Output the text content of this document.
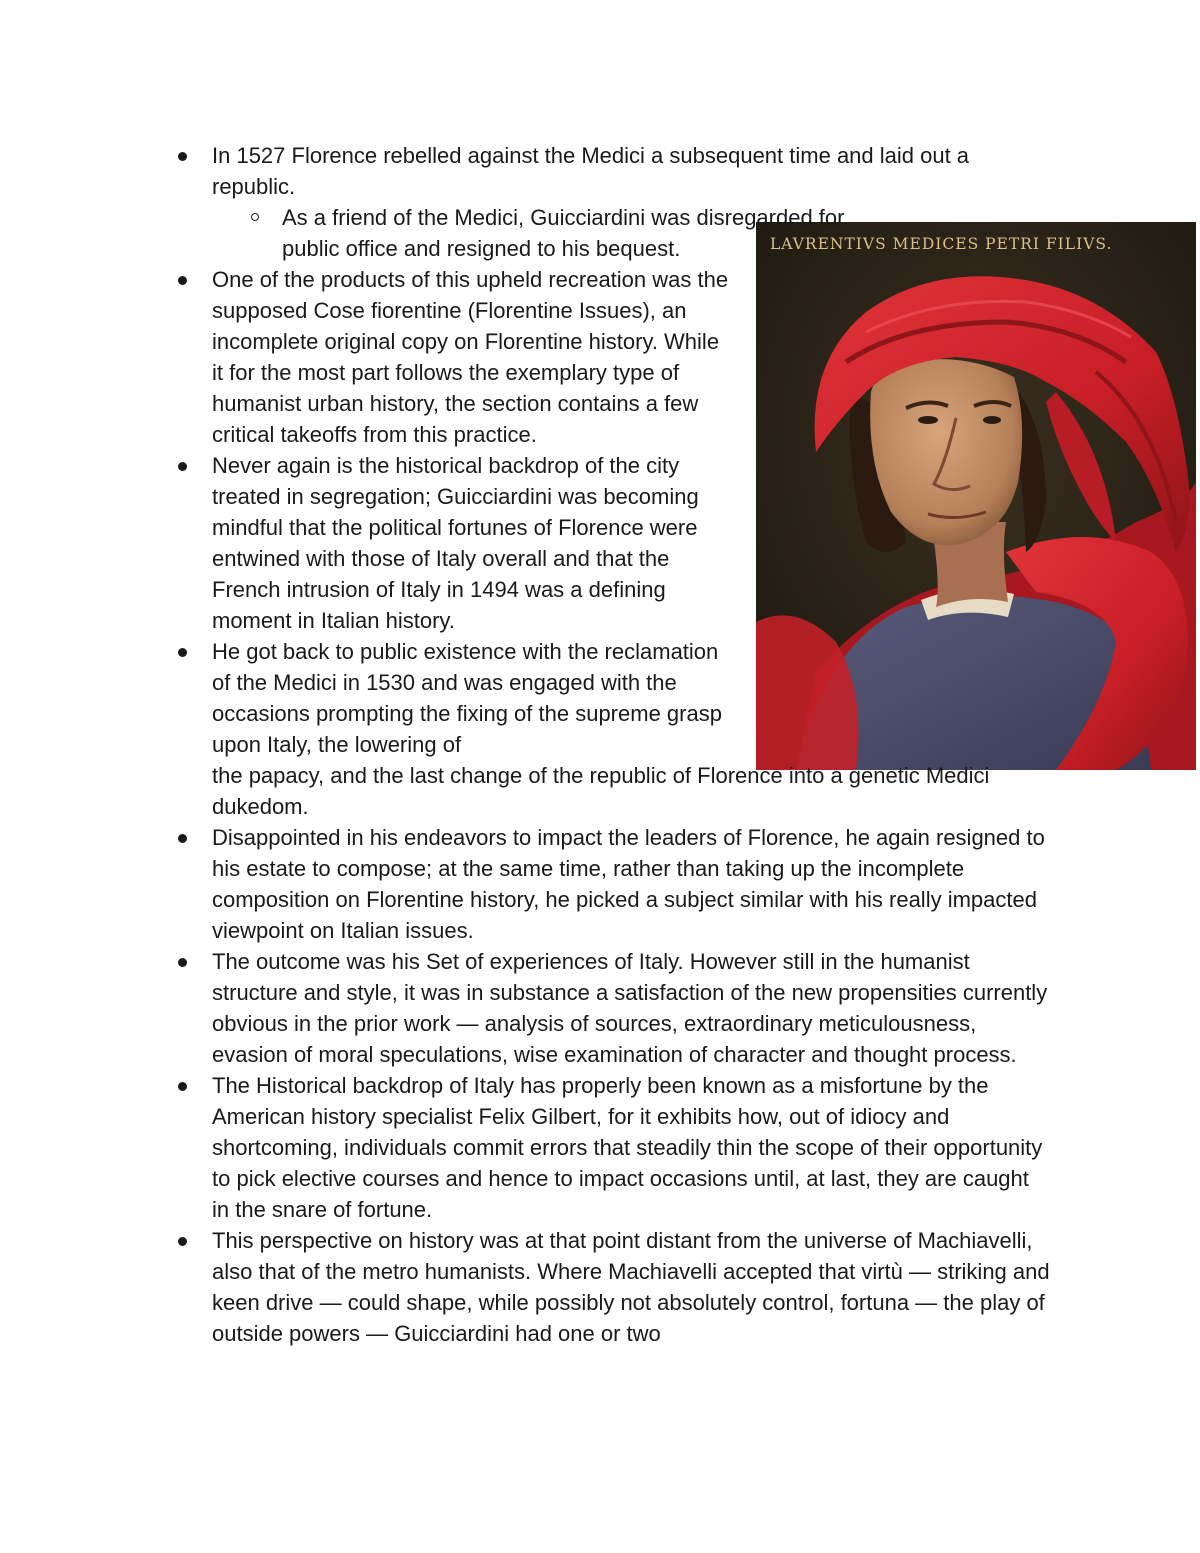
LAVRENTIVS MEDICES PETRI FILIVS.
In 1527 Florence rebelled against the Medici a subsequent time and laid out a republic.
As a friend of the Medici, Guicciardini was disregarded for public office and resigned to his bequest.
One of the products of this upheld recreation was the supposed Cose fiorentine (Florentine Issues), an incomplete original copy on Florentine history. While it for the most part follows the exemplary type of humanist urban history, the section contains a few critical takeoffs from this practice.
Never again is the historical backdrop of the city treated in segregation; Guicciardini was becoming mindful that the political fortunes of Florence were entwined with those of Italy overall and that the French intrusion of Italy in 1494 was a defining moment in Italian history.
He got back to public existence with the reclamation of the Medici in 1530 and was engaged with the occasions prompting the fixing of the supreme grasp upon Italy, the lowering of
the papacy, and the last change of the republic of Florence into a genetic Medici dukedom.
Disappointed in his endeavors to impact the leaders of Florence, he again resigned to his estate to compose; at the same time, rather than taking up the incomplete composition on Florentine history, he picked a subject similar with his really impacted viewpoint on Italian issues.
The outcome was his Set of experiences of Italy. However still in the humanist structure and style, it was in substance a satisfaction of the new propensities currently obvious in the prior work — analysis of sources, extraordinary meticulousness, evasion of moral speculations, wise examination of character and thought process.
The Historical backdrop of Italy has properly been known as a misfortune by the American history specialist Felix Gilbert, for it exhibits how, out of idiocy and shortcoming, individuals commit errors that steadily thin the scope of their opportunity to pick elective courses and hence to impact occasions until, at last, they are caught in the snare of fortune.
This perspective on history was at that point distant from the universe of Machiavelli, also that of the metro humanists. Where Machiavelli accepted that virtù — striking and keen drive — could shape, while possibly not absolutely control, fortuna — the play of outside powers — Guicciardini had one or two
